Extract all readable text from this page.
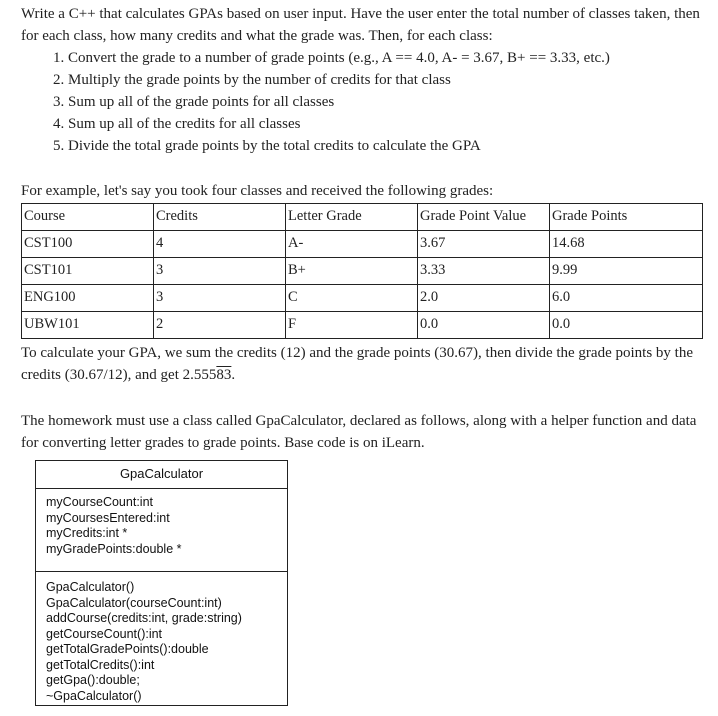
Write a C++ that calculates GPAs based on user input. Have the user enter the total number of classes taken, then for each class, how many credits and what the grade was. Then, for each class:
1. Convert the grade to a number of grade points (e.g., A == 4.0, A- = 3.67, B+ == 3.33, etc.)
2. Multiply the grade points by the number of credits for that class
3. Sum up all of the grade points for all classes
4. Sum up all of the credits for all classes
5. Divide the total grade points by the total credits to calculate the GPA
For example, let's say you took four classes and received the following grades:
Course	Credits	Letter Grade	Grade Point Value	Grade Points
CST100	4	A-	3.67	14.68
CST101	3	B+	3.33	9.99
ENG100	3	C	2.0	6.0
UBW101	2	F	0.0	0.0
To calculate your GPA, we sum the credits (12) and the grade points (30.67), then divide the grade points by the credits (30.67/12), and get 2.55583.
The homework must use a class called GpaCalculator, declared as follows, along with a helper function and data for converting letter grades to grade points. Base code is on iLearn.
GpaCalculator
myCourseCount:int
myCoursesEntered:int
myCredits:int *
myGradePoints:double *
GpaCalculator()
GpaCalculator(courseCount:int)
addCourse(credits:int, grade:string)
getCourseCount():int
getTotalGradePoints():double
getTotalCredits():int
getGpa():double;
~GpaCalculator()
